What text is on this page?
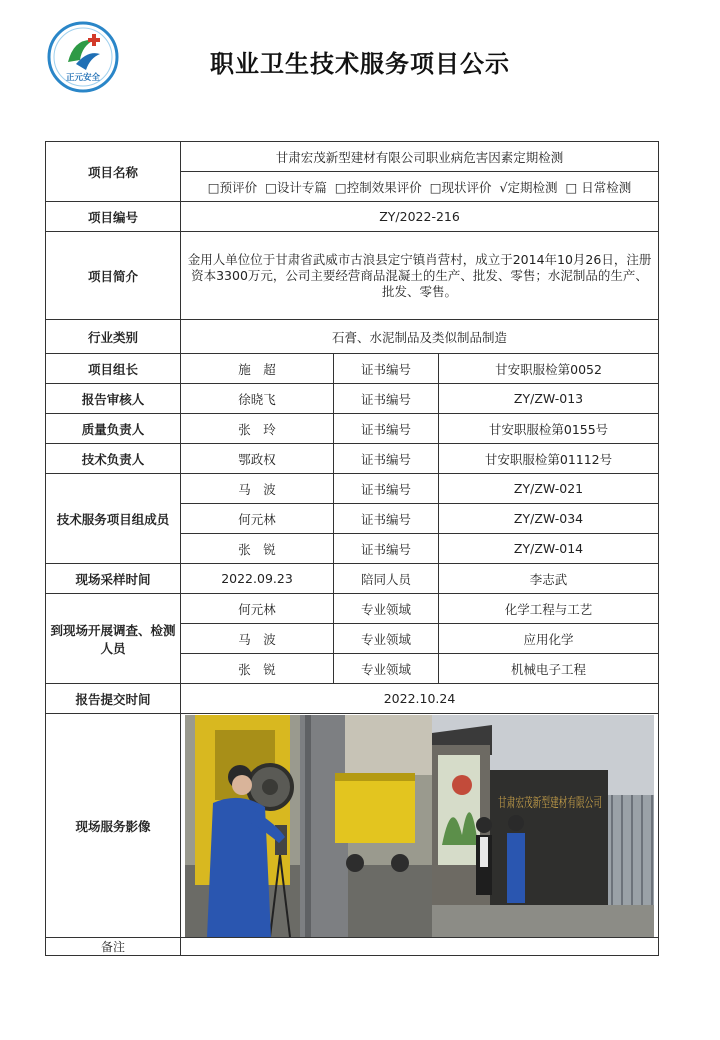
正元安全	职业卫生技术服务项目公示
项目名称	甘肃宏茂新型建材有限公司职业病危害因素定期检测		
	□预评价 □设计专篇 □控制效果评价 □现状评价 √定期检测 □ 日常检测		
项目编号	ZY/2022-216		
项目简介	金用人单位位于甘肃省武威市古浪县定宁镇肖营村，成立于2014年10月26日，注册资本3300万元，公司主要经营商品混凝土的生产、批发、零售；水泥制品的生产、批发、零售。		
行业类别	石膏、水泥制品及类似制品制造		
项目组长	施　超	证书编号	甘安职服检第0052
报告审核人	徐晓飞	证书编号	ZY/ZW-013
质量负责人	张　玲	证书编号	甘安职服检第0155号
技术负责人	鄂政权	证书编号	甘安职服检第01112号
技术服务项目组成员	马　波	证书编号	ZY/ZW-021
	何元林	证书编号	ZY/ZW-034
	张　锐	证书编号	ZY/ZW-014
现场采样时间	2022.09.23	陪同人员	李志武
到现场开展调查、检测人员	何元林	专业领域	化学工程与工艺
	马　波	专业领域	应用化学
	张　锐	专业领域	机械电子工程
报告提交时间	2022.10.24		
现场服务影像	甘肃宏茂新型建材有限公司		

备注			
